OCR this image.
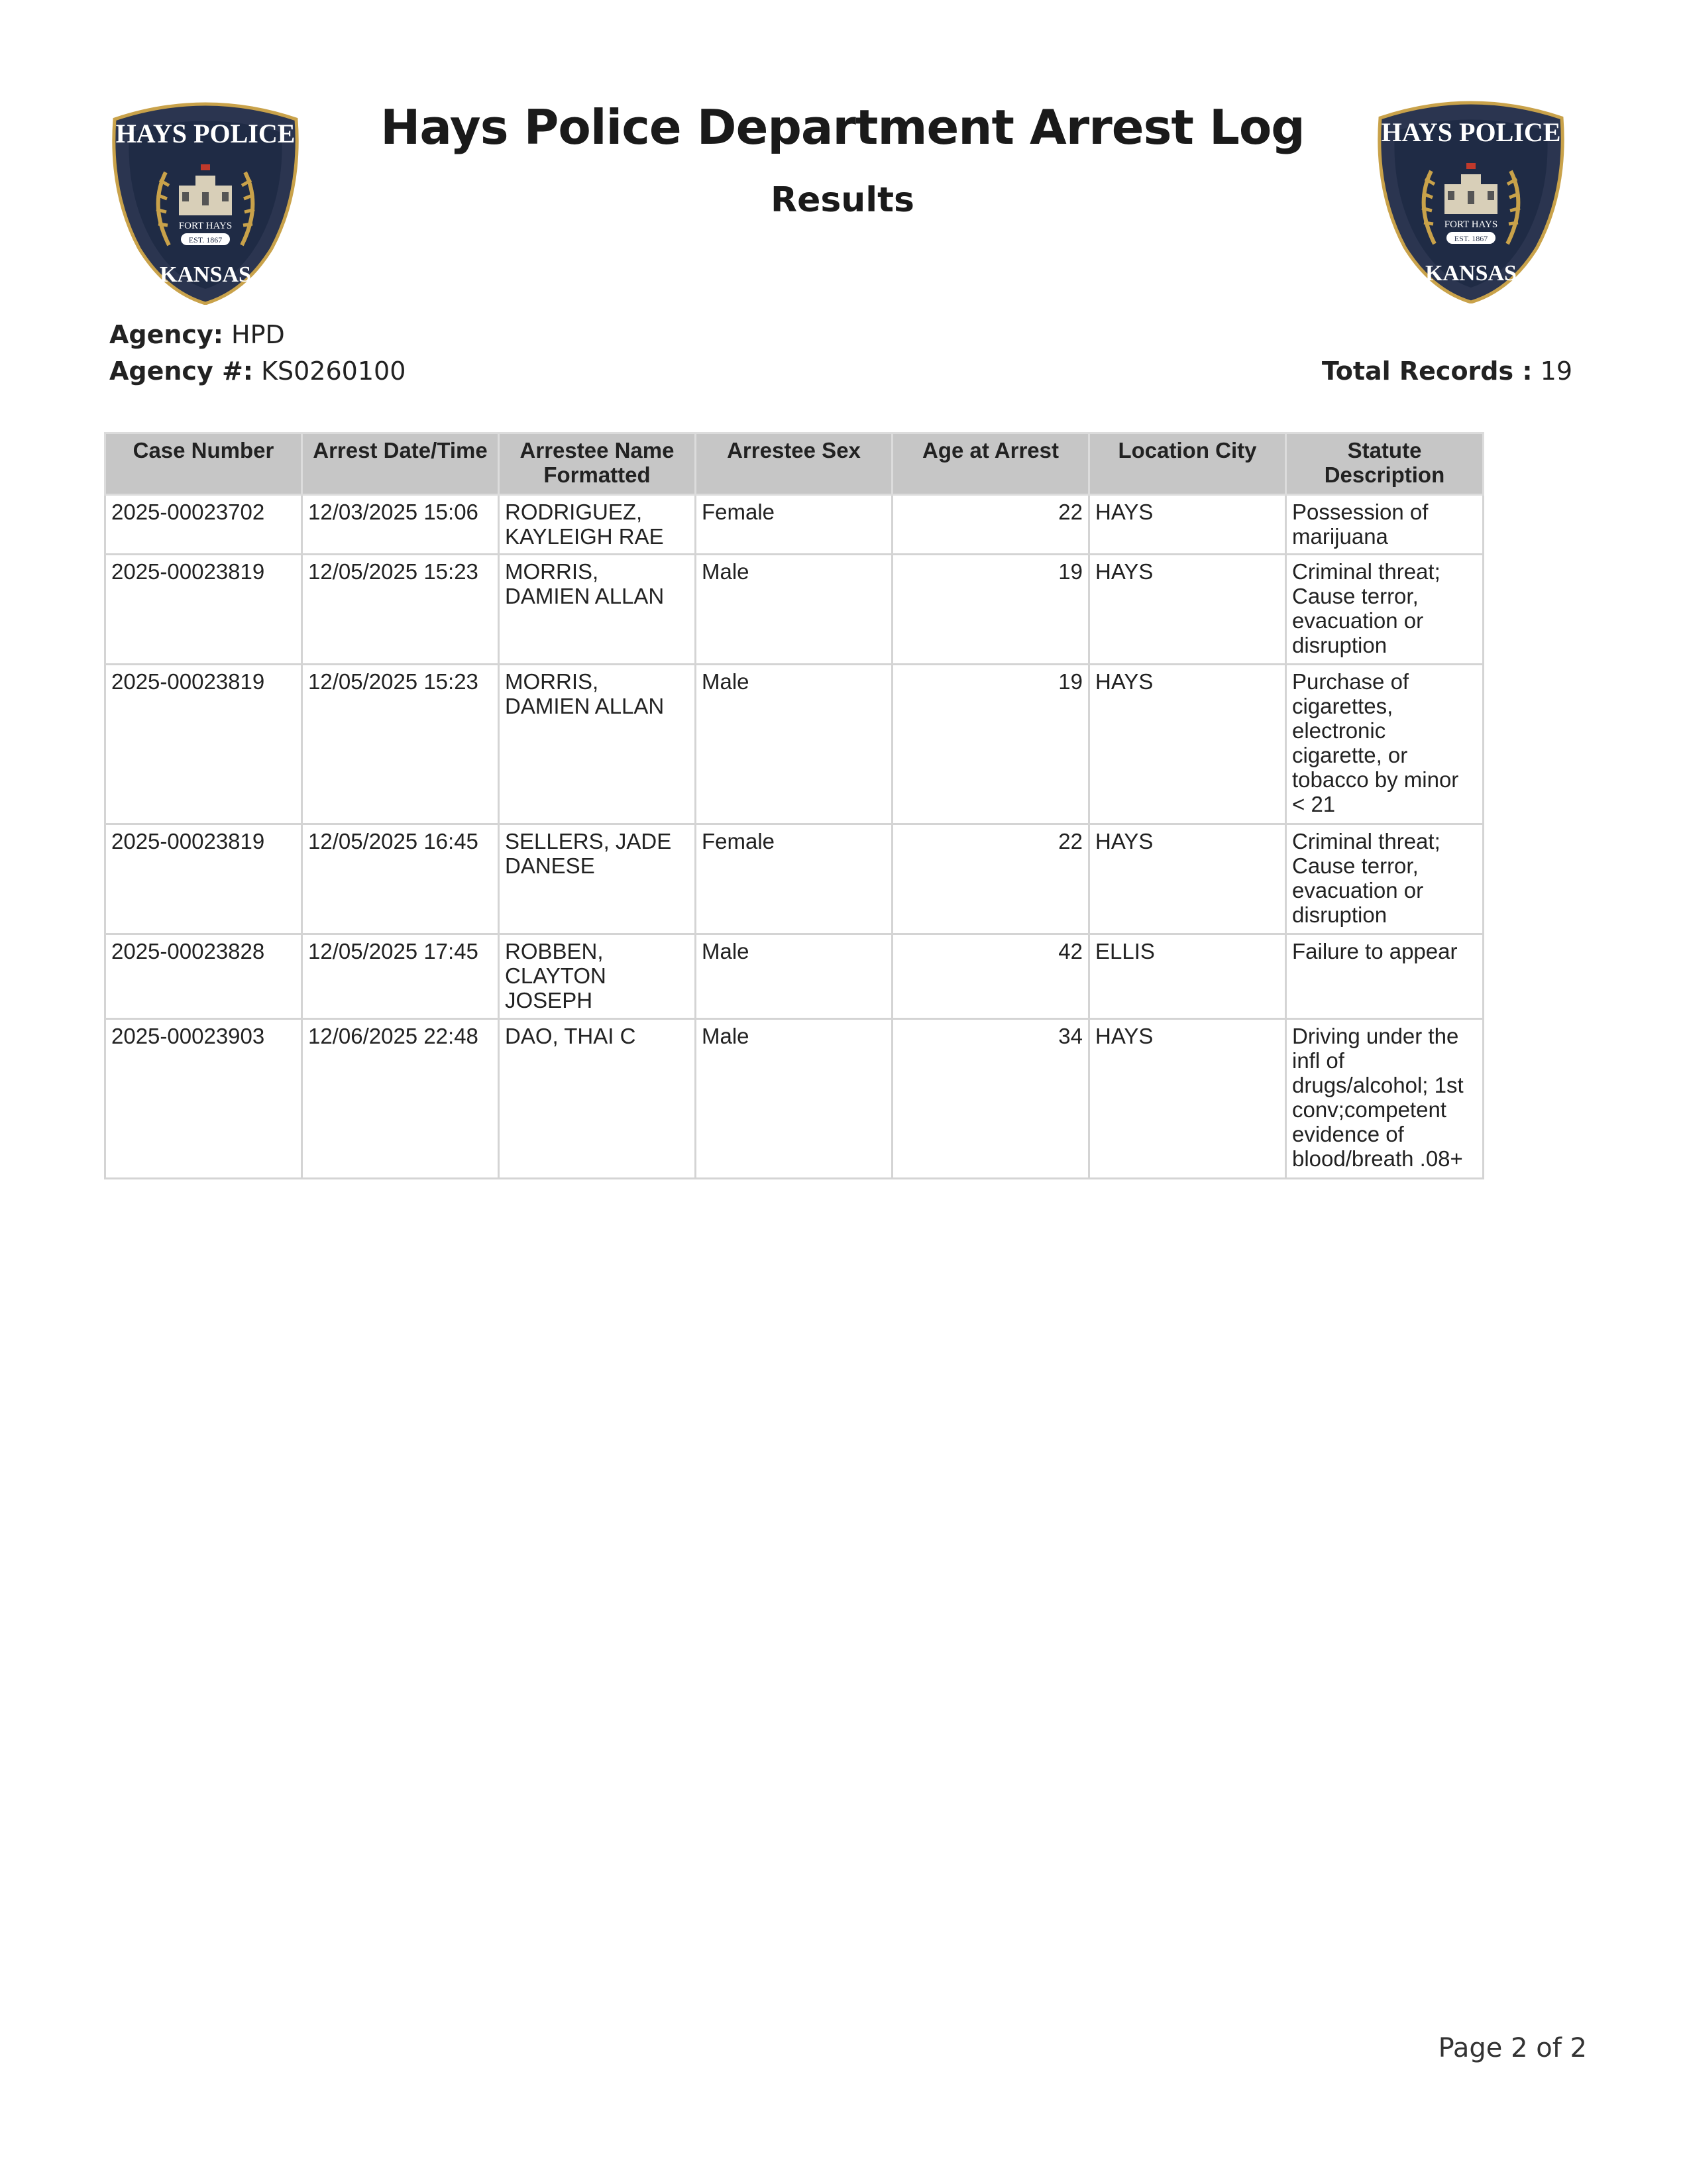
HAYS POLICE
FORT HAYS
EST. 1867
KANSAS
HAYS POLICE
FORT HAYS
EST. 1867
KANSAS
Hays Police Department Arrest Log
Results
Agency: HPD
Agency #: KS0260100	Total Records : 19
Case Number	Arrest Date/Time	Arrestee Name Formatted	Arrestee Sex	Age at Arrest	Location City	Statute Description
2025-00023702	12/03/2025 15:06	RODRIGUEZ, KAYLEIGH RAE	Female	22	HAYS	Possession of marijuana
2025-00023819	12/05/2025 15:23	MORRIS, DAMIEN ALLAN	Male	19	HAYS	Criminal threat; Cause terror, evacuation or disruption
2025-00023819	12/05/2025 15:23	MORRIS, DAMIEN ALLAN	Male	19	HAYS	Purchase of cigarettes, electronic cigarette, or tobacco by minor < 21
2025-00023819	12/05/2025 16:45	SELLERS, JADE DANESE	Female	22	HAYS	Criminal threat; Cause terror, evacuation or disruption
2025-00023828	12/05/2025 17:45	ROBBEN, CLAYTON JOSEPH	Male	42	ELLIS	Failure to appear
2025-00023903	12/06/2025 22:48	DAO, THAI C	Male	34	HAYS	Driving under the infl of drugs/alcohol; 1st conv;competent evidence of blood/breath .08+
Page 2 of 2
